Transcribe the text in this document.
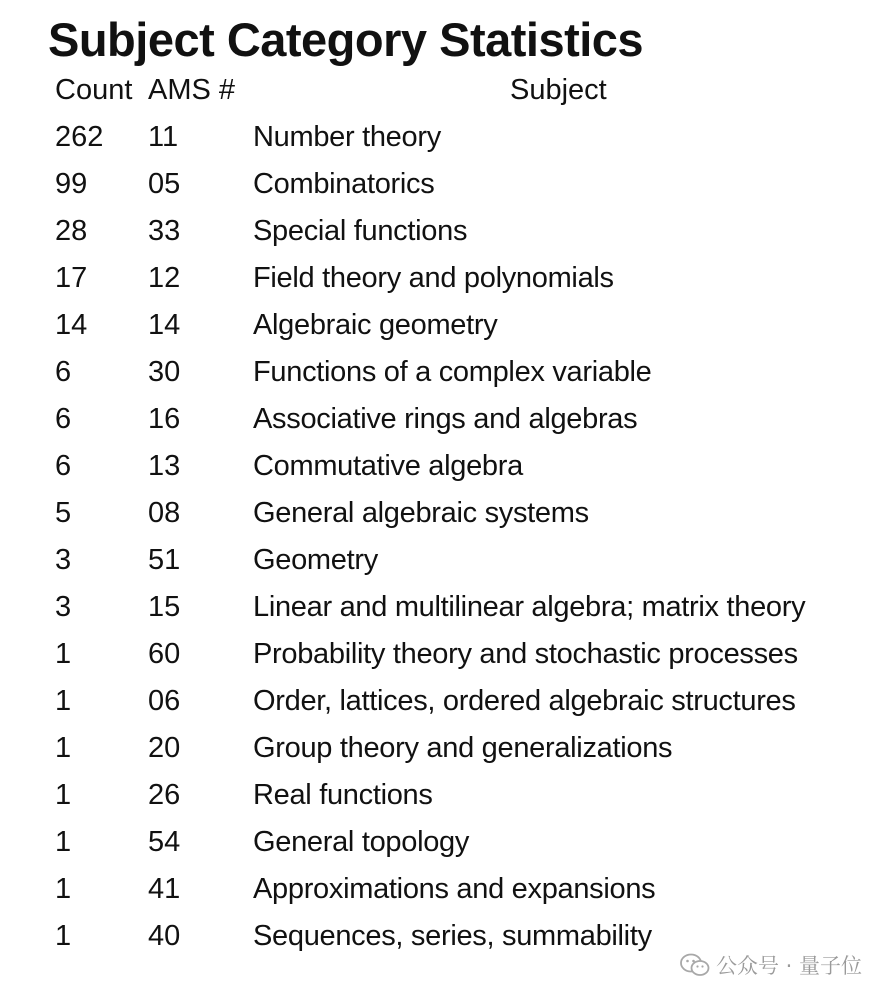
Subject Category Statistics
Count AMS #	Subject
262 11	Number theory
99 05	Combinatorics
28 33	Special functions
17 12	Field theory and polynomials
14 14	Algebraic geometry
6	30	Functions of a complex variable
6	16	Associative rings and algebras
6	13	Commutative algebra
5	08	General algebraic systems
3	51	Geometry
3	15	Linear and multilinear algebra; matrix theory
1	60	Probability theory and stochastic processes
1	06	Order, lattices, ordered algebraic structures
1	20	Group theory and generalizations
1	26	Real functions
1	54	General topology
1	41	Approximations and expansions
1	40	Sequences, series, summability
公众号 · 量子位
